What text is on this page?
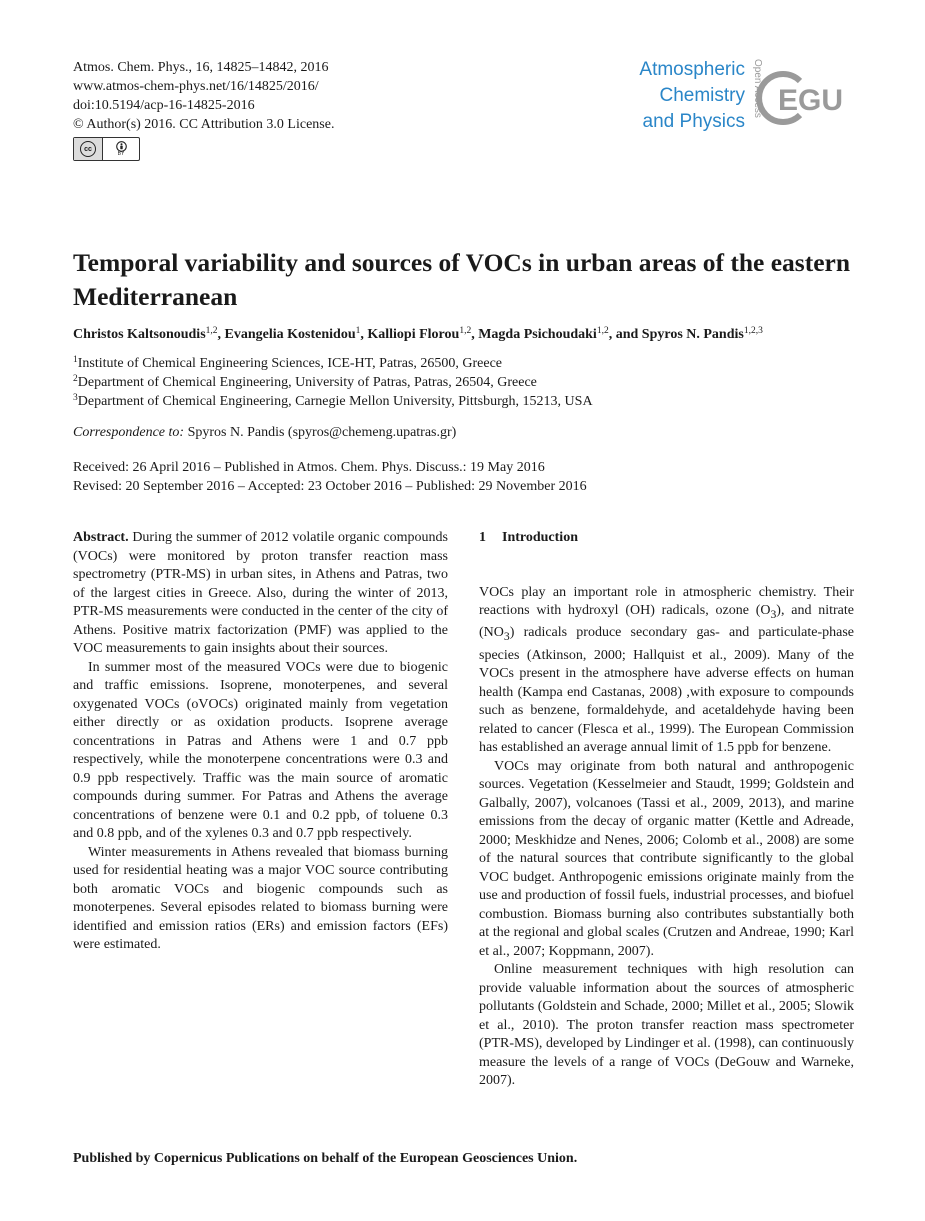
Atmos. Chem. Phys., 16, 14825–14842, 2016
www.atmos-chem-phys.net/16/14825/2016/
doi:10.5194/acp-16-14825-2016
© Author(s) 2016. CC Attribution 3.0 License.
cc
BY
Atmospheric
Chemistry
and Physics
Open Access EGU
Temporal variability and sources of VOCs in urban areas of the eastern Mediterranean
Christos Kaltsonoudis$^{1,2}$, Evangelia Kostenidou$^1$, Kalliopi Florou$^{1,2}$, Magda Psichoudaki$^{1,2}$, and Spyros N. Pandis$^{1,2,3}$
$^1$Institute of Chemical Engineering Sciences, ICE-HT, Patras, 26500, Greece
$^2$Department of Chemical Engineering, University of Patras, Patras, 26504, Greece
$^3$Department of Chemical Engineering, Carnegie Mellon University, Pittsburgh, 15213, USA
Correspondence to: Spyros N. Pandis (spyros@chemeng.upatras.gr)
Received: 26 April 2016 – Published in Atmos. Chem. Phys. Discuss.: 19 May 2016
Revised: 20 September 2016 – Accepted: 23 October 2016 – Published: 29 November 2016

Abstract. During the summer of 2012 volatile organic compounds (VOCs) were monitored by proton transfer reaction mass spectrometry (PTR-MS) in urban sites, in Athens and Patras, two of the largest cities in Greece. Also, during the winter of 2013, PTR-MS measurements were conducted in the center of the city of Athens. Positive matrix factorization (PMF) was applied to the VOC measurements to gain insights about their sources.

In summer most of the measured VOCs were due to biogenic and traffic emissions. Isoprene, monoterpenes, and several oxygenated VOCs (oVOCs) originated mainly from vegetation either directly or as oxidation products. Isoprene average concentrations in Patras and Athens were 1 and 0.7 ppb respectively, while the monoterpene concentrations were 0.3 and 0.9 ppb respectively. Traffic was the main source of aromatic compounds during summer. For Patras and Athens the average concentrations of benzene were 0.1 and 0.2 ppb, of toluene 0.3 and 0.8 ppb, and of the xylenes 0.3 and 0.7 ppb respectively.

Winter measurements in Athens revealed that biomass burning used for residential heating was a major VOC source contributing both aromatic VOCs and biogenic compounds such as monoterpenes. Several episodes related to biomass burning were identified and emission ratios (ERs) and emission factors (EFs) were estimated.

1 Introduction

VOCs play an important role in atmospheric chemistry. Their reactions with hydroxyl (OH) radicals, ozone $(O_3)$, and nitrate $(NO_3)$ radicals produce secondary gas- and particulate-phase species (Atkinson, 2000; Hallquist et al., 2009). Many of the VOCs present in the atmosphere have adverse effects on human health (Kampa end Castanas, 2008) ,with exposure to compounds such as benzene, formaldehyde, and acetaldehyde having been related to cancer (Flesca et al., 1999). The European Commission has established an average annual limit of 1.5 ppb for benzene.

VOCs may originate from both natural and anthropogenic sources. Vegetation (Kesselmeier and Staudt, 1999; Goldstein and Galbally, 2007), volcanoes (Tassi et al., 2009, 2013), and marine emissions from the decay of organic matter (Kettle and Adreade, 2000; Meskhidze and Nenes, 2006; Colomb et al., 2008) are some of the natural sources that contribute significantly to the global VOC budget. Anthropogenic emissions originate mainly from the use and production of fossil fuels, industrial processes, and biofuel combustion. Biomass burning also contributes substantially both at the regional and global scales (Crutzen and Andreae, 1990; Karl et al., 2007; Koppmann, 2007).

Online measurement techniques with high resolution can provide valuable information about the sources of atmospheric pollutants (Goldstein and Schade, 2000; Millet et al., 2005; Slowik et al., 2010). The proton transfer reaction mass spectrometer (PTR-MS), developed by Lindinger et al. (1998), can continuously measure the levels of a range of VOCs (DeGouw and Warneke, 2007).

Published by Copernicus Publications on behalf of the European Geosciences Union.
